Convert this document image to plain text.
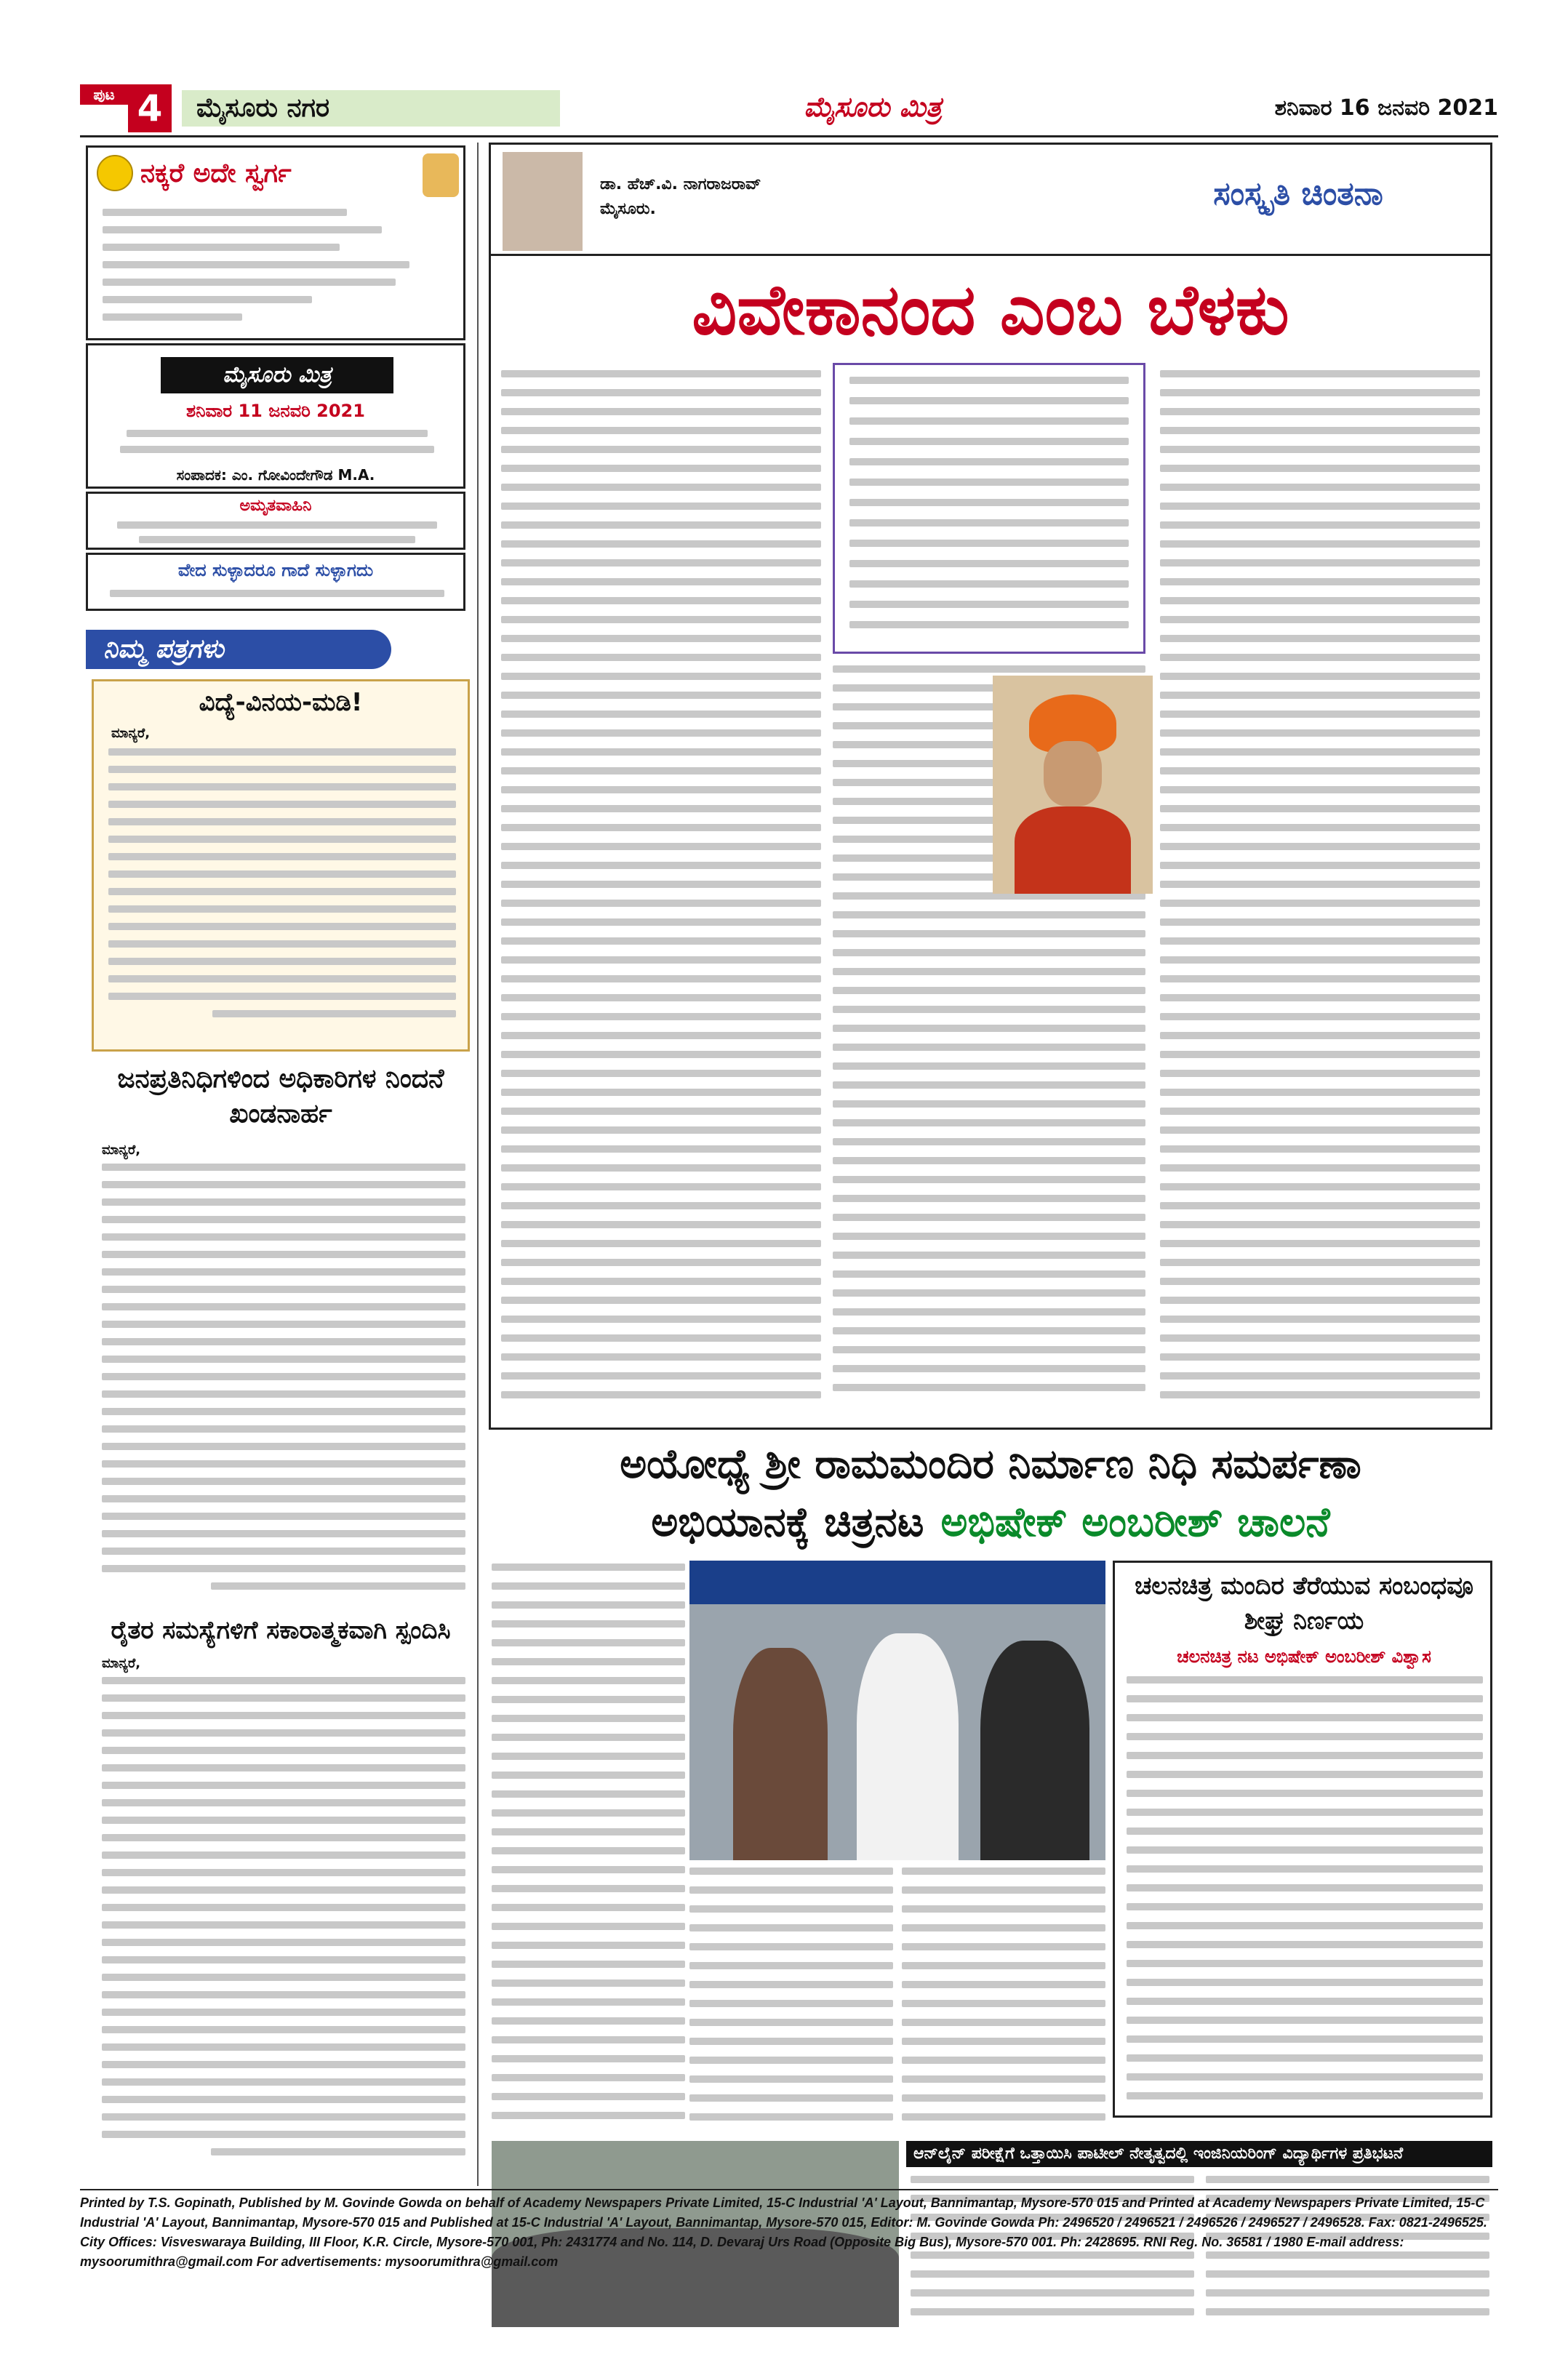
ಪುಟ 4	ಮೈಸೂರು ನಗರ	ಮೈಸೂರು ಮಿತ್ರ	ಶನಿವಾರ 16 ಜನವರಿ 2021
ನಕ್ಕರೆ ಅದೇ ಸ್ವರ್ಗ
ಮೈಸೂರು ಮಿತ್ರ
ಶನಿವಾರ 11 ಜನವರಿ 2021
ಸಂಪಾದಕ: ಎಂ. ಗೋವಿಂದೇಗೌಡ M.A.
ಅಮೃತವಾಹಿನಿ
ವೇದ ಸುಳ್ಳಾದರೂ ಗಾದೆ ಸುಳ್ಳಾಗದು
ನಿಮ್ಮ ಪತ್ರಗಳು
ವಿದ್ಯೆ-ವಿನಯ-ಮಡಿ!
ಮಾನ್ಯರೆ,
ಜನಪ್ರತಿನಿಧಿಗಳಿಂದ ಅಧಿಕಾರಿಗಳ ನಿಂದನೆ ಖಂಡನಾರ್ಹ
ಮಾನ್ಯರೆ,
ರೈತರ ಸಮಸ್ಯೆಗಳಿಗೆ ಸಕಾರಾತ್ಮಕವಾಗಿ ಸ್ಪಂದಿಸಿ
ಮಾನ್ಯರೆ,
ಡಾ. ಹೆಚ್.ವಿ. ನಾಗರಾಜರಾವ್
ಮೈಸೂರು.	ಸಂಸ್ಕೃತಿ ಚಿಂತನಾ
ವಿವೇಕಾನಂದ ಎಂಬ ಬೆಳಕು
ಅಯೋಧ್ಯೆ ಶ್ರೀ ರಾಮಮಂದಿರ ನಿರ್ಮಾಣ ನಿಧಿ ಸಮರ್ಪಣಾ
ಅಭಿಯಾನಕ್ಕೆ ಚಿತ್ರನಟ ಅಭಿಷೇಕ್ ಅಂಬರೀಶ್ ಚಾಲನೆ
ಚಲನಚಿತ್ರ ಮಂದಿರ ತೆರೆಯುವ ಸಂಬಂಧವೂ ಶೀಘ್ರ ನಿರ್ಣಯ
ಚಲನಚಿತ್ರ ನಟ ಅಭಿಷೇಕ್ ಅಂಬರೀಶ್ ವಿಶ್ವಾಸ
ಆನ್‌ಲೈನ್ ಪರೀಕ್ಷೆಗೆ ಒತ್ತಾಯಿಸಿ ಪಾಟೀಲ್ ನೇತೃತ್ವದಲ್ಲಿ ಇಂಜಿನಿಯರಿಂಗ್ ವಿದ್ಯಾರ್ಥಿಗಳ ಪ್ರತಿಭಟನೆ
Printed by T.S. Gopinath, Published by M. Govinde Gowda on behalf of Academy Newspapers Private Limited, 15-C Industrial 'A' Layout, Bannimantap, Mysore-570 015 and Printed at Academy Newspapers Private Limited, 15-C Industrial 'A' Layout, Bannimantap, Mysore-570 015 and Published at 15-C Industrial 'A' Layout, Bannimantap, Mysore-570 015, Editor: M. Govinde Gowda Ph: 2496520 / 2496521 / 2496526 / 2496527 / 2496528. Fax: 0821-2496525. City Offices: Visveswaraya Building, III Floor, K.R. Circle, Mysore-570 001, Ph: 2431774 and No. 114, D. Devaraj Urs Road (Opposite Big Bus), Mysore-570 001. Ph: 2428695. RNI Reg. No. 36581 / 1980 E-mail address: mysoorumithra@gmail.com For advertisements: mysoorumithra@gmail.com
